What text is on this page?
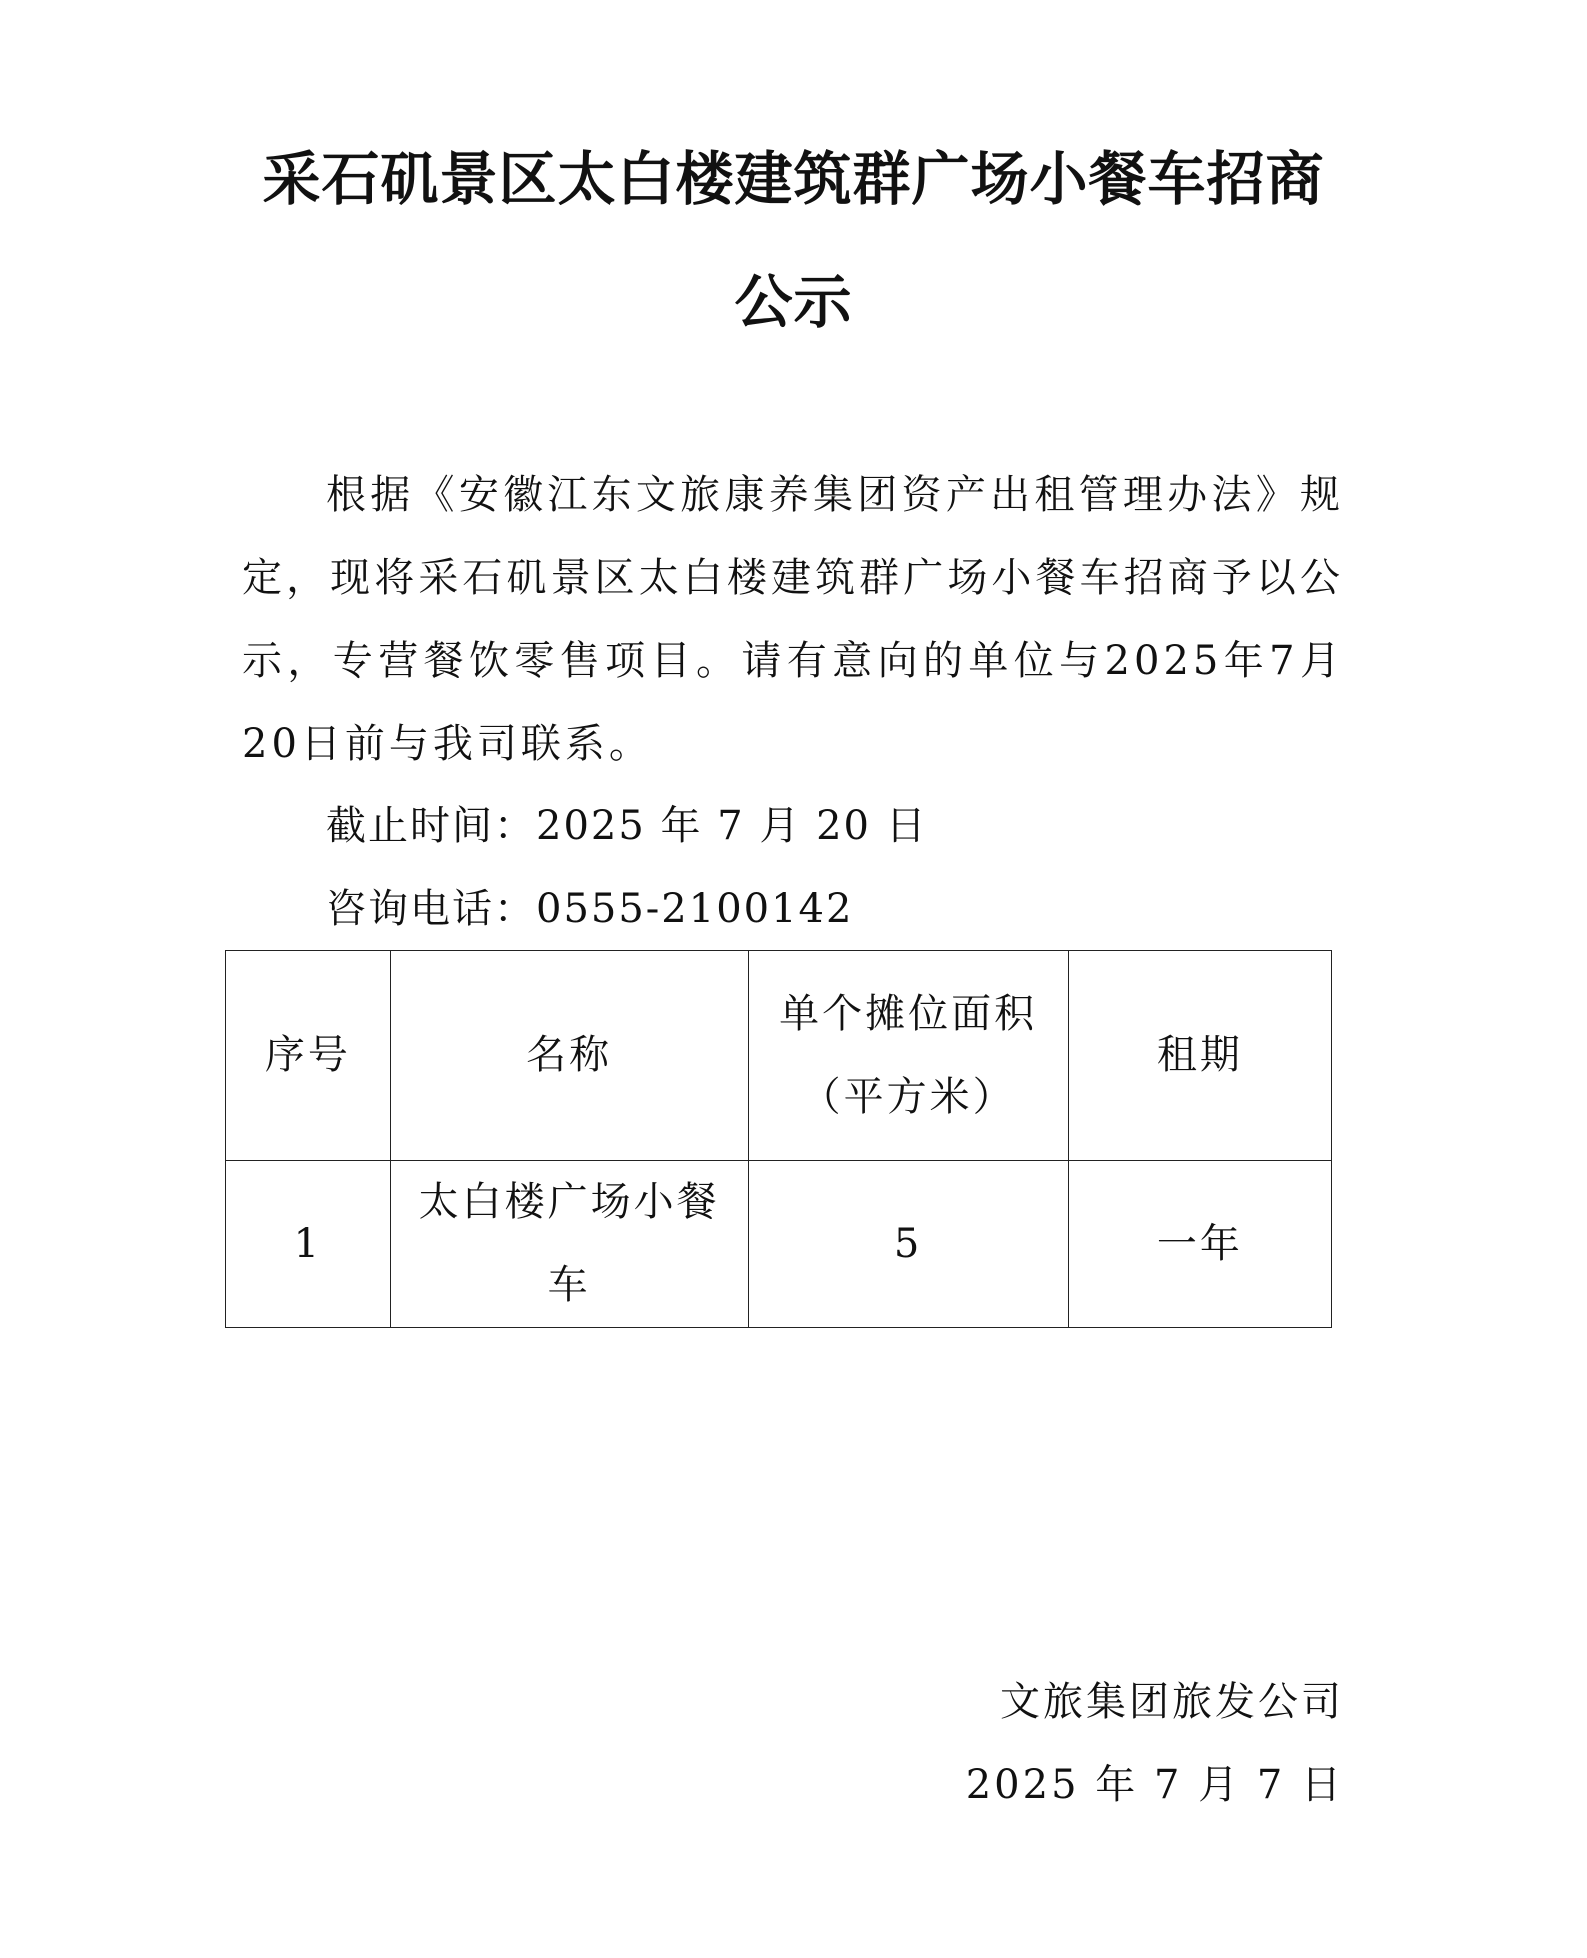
采石矶景区太白楼建筑群广场小餐车招商
公示

根据《安徽江东文旅康养集团资产出租管理办法》规定，现将采石矶景区太白楼建筑群广场小餐车招商予以公示，专营餐饮零售项目。请有意向的单位与2025年7月20日前与我司联系。

截止时间：2025 年 7 月 20 日
咨询电话：0555-2100142
序号	名称	单个摊位面积（平方米）	租期
1	太白楼广场小餐车	5	一年
文旅集团旅发公司
2025 年 7 月 7 日
